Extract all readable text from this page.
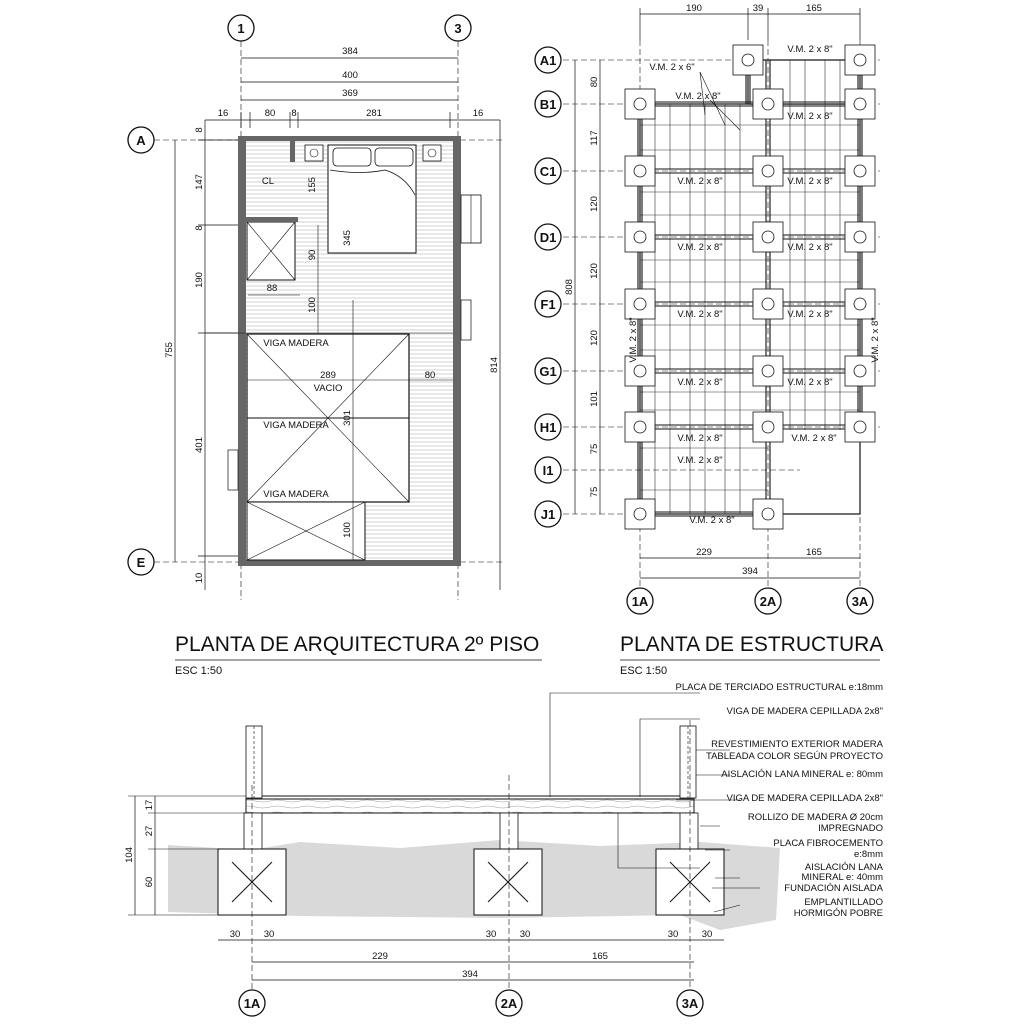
1	3
A
E
384
400
369
16	80 8	281	16
8
147
8
190
755
401
10
814
155
90
88
100
345
289	80
301
100
CL
VACIO
VIGA MADERA
VIGA MADERA
VIGA MADERA
PLANTA DE ARQUITECTURA 2º PISO
ESC 1:50
190	39	165
229	165
394
808
80
117
120
120
120
101
75
75
A1
B1
C1
D1
F1
G1
H1
I1
J1
1A	2A	3A
V.M. 2 x 6"
V.M. 2 x 8"
V.M. 2 x 8"
V.M. 2 x 8"
V.M. 2 x 8"	V.M. 2 x 8"
V.M. 2 x 8"	V.M. 2 x 8"
V.M. 2 x 8"	V.M. 2 x 8"
V.M. 2 x 8"	V.M. 2 x 8"
V.M. 2 x 8"	V.M. 2 x 8"
V.M. 2 x 8"
V.M. 2 x 8"
V.M. 2 x 8"	V.M. 2 x 8"
PLANTA DE ESTRUCTURA
ESC 1:50
PLACA DE TERCIADO ESTRUCTURAL e:18mm
VIGA DE MADERA CEPILLADA 2x8"
REVESTIMIENTO EXTERIOR MADERA
TABLEADA COLOR SEGÚN PROYECTO
AISLACIÓN LANA MINERAL e: 80mm
VIGA DE MADERA CEPILLADA 2x8"
ROLLIZO DE MADERA Ø 20cm
IMPREGNADO
PLACA FIBROCEMENTO
e:8mm
AISLACIÓN LANA
MINERAL e: 40mm
FUNDACIÓN AISLADA
EMPLANTILLADO
HORMIGÓN POBRE
17
27
104
60
30 30	30 30	30 30
229	165
394
1A	2A	3A
